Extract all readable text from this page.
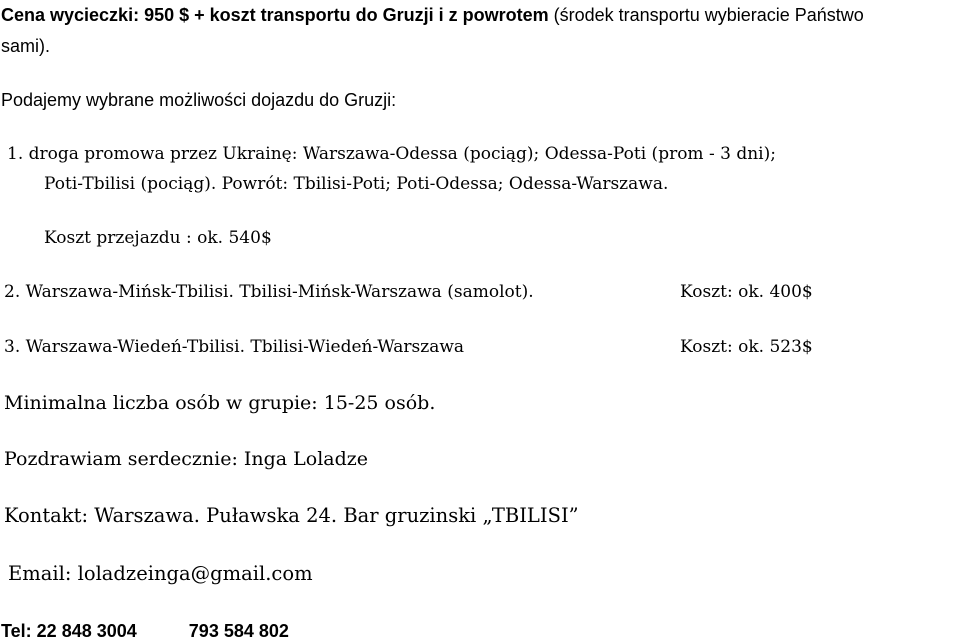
Cena wycieczki: 950 $ + koszt transportu do Gruzji i z powrotem (środek transportu wybieracie Państwo
sami).
Podajemy wybrane możliwości dojazdu do Gruzji:
1. droga promowa przez Ukrainę: Warszawa-Odessa (pociąg); Odessa-Poti (prom - 3 dni);
Poti-Tbilisi (pociąg). Powrót: Tbilisi-Poti; Poti-Odessa; Odessa-Warszawa.
Koszt przejazdu : ok. 540$
2. Warszawa-Mińsk-Tbilisi. Tbilisi-Mińsk-Warszawa (samolot).	Koszt: ok. 400$
3. Warszawa-Wiedeń-Tbilisi. Tbilisi-Wiedeń-Warszawa	Koszt: ok. 523$
Minimalna liczba osób w grupie: 15-25 osób.
Pozdrawiam serdecznie: Inga Loladze
Kontakt: Warszawa. Puławska 24. Bar gruzinski „TBILISI”
Email: loladzeinga@gmail.com
Tel: 22 848 3004	793 584 802
